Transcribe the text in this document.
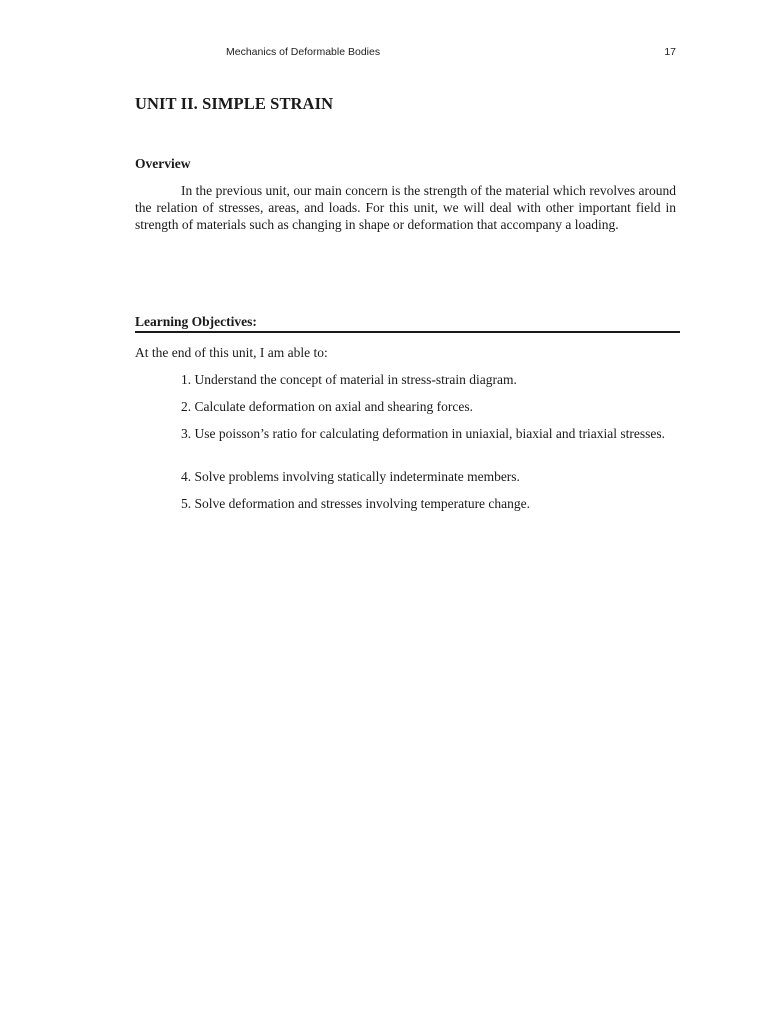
Mechanics of Deformable Bodies	17
UNIT II. SIMPLE STRAIN
Overview

In the previous unit, our main concern is the strength of the material which revolves around the relation of stresses, areas, and loads. For this unit, we will deal with other important field in strength of materials such as changing in shape or deformation that accompany a loading.

Learning Objectives:

At the end of this unit, I am able to:

1. Understand the concept of material in stress-strain diagram.

2. Calculate deformation on axial and shearing forces.

3. Use poisson’s ratio for calculating deformation in uniaxial, biaxial and triaxial stresses.

4. Solve problems involving statically indeterminate members.

5. Solve deformation and stresses involving temperature change.
